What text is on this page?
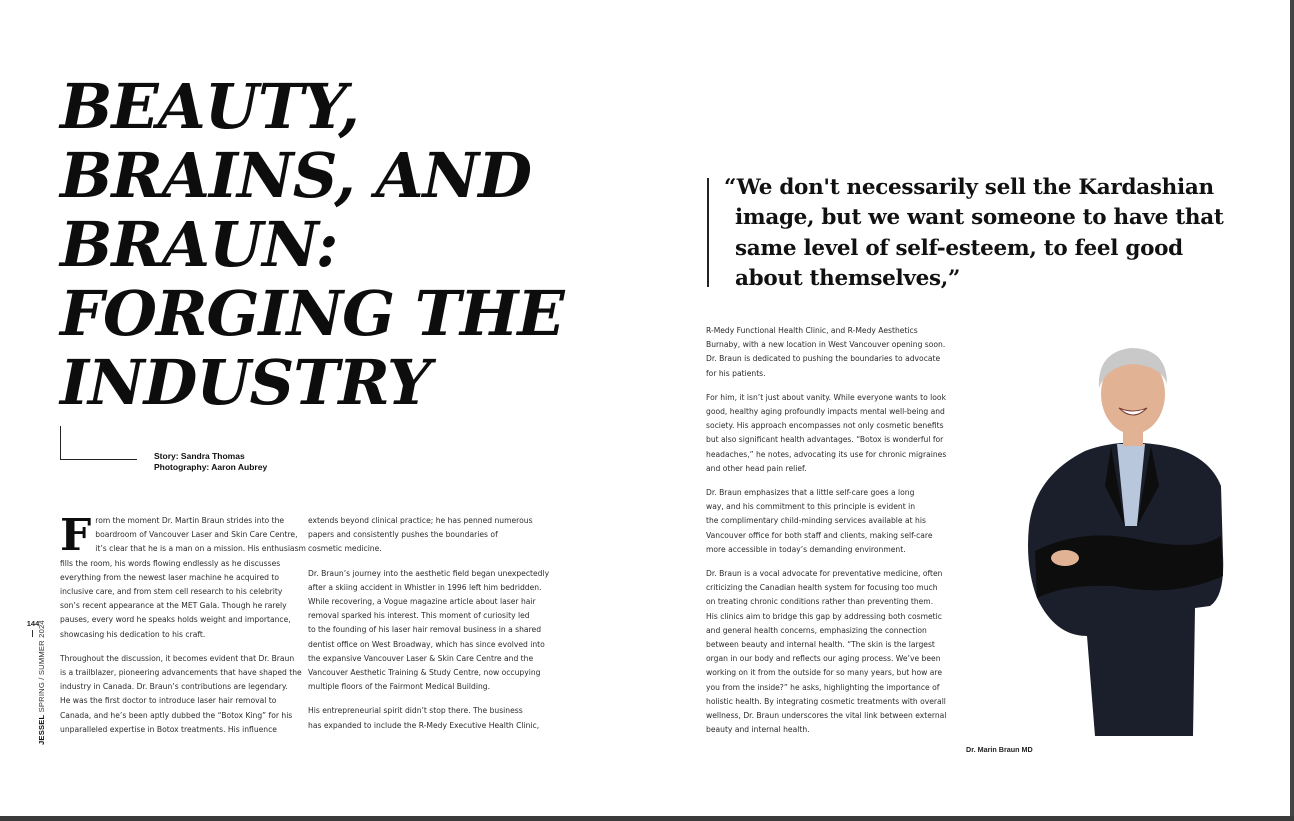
BEAUTY,
BRAINS, AND
BRAUN:
FORGING THE
INDUSTRY
Story: Sandra Thomas
Photography: Aaron Aubrey

F rom the moment Dr. Martin Braun strides into the
boardroom of Vancouver Laser and Skin Care Centre,
it’s clear that he is a man on a mission. His enthusiasm
fills the room, his words flowing endlessly as he discusses
everything from the newest laser machine he acquired to
inclusive care, and from stem cell research to his celebrity
son’s recent appearance at the MET Gala. Though he rarely
pauses, every word he speaks holds weight and importance,
showcasing his dedication to his craft.

Throughout the discussion, it becomes evident that Dr. Braun
is a trailblazer, pioneering advancements that have shaped the
industry in Canada. Dr. Braun’s contributions are legendary.
He was the first doctor to introduce laser hair removal to
Canada, and he’s been aptly dubbed the “Botox King” for his
unparalleled expertise in Botox treatments. His influence

extends beyond clinical practice; he has penned numerous
papers and consistently pushes the boundaries of
cosmetic medicine.

Dr. Braun’s journey into the aesthetic field began unexpectedly
after a skiing accident in Whistler in 1996 left him bedridden.
While recovering, a Vogue magazine article about laser hair
removal sparked his interest. This moment of curiosity led
to the founding of his laser hair removal business in a shared
dentist office on West Broadway, which has since evolved into
the expansive Vancouver Laser & Skin Care Centre and the
Vancouver Aesthetic Training & Study Centre, now occupying
multiple floors of the Fairmont Medical Building.

His entrepreneurial spirit didn’t stop there. The business
has expanded to include the R-Medy Executive Health Clinic,

144
JESSEL SPRING / SUMMER 2024
“We don't necessarily sell the Kardashian
image, but we want someone to have that
same level of self-esteem, to feel good
about themselves,”

R-Medy Functional Health Clinic, and R-Medy Aesthetics
Burnaby, with a new location in West Vancouver opening soon.
Dr. Braun is dedicated to pushing the boundaries to advocate
for his patients.

For him, it isn’t just about vanity. While everyone wants to look
good, healthy aging profoundly impacts mental well-being and
society. His approach encompasses not only cosmetic benefits
but also significant health advantages. “Botox is wonderful for
headaches,” he notes, advocating its use for chronic migraines
and other head pain relief.

Dr. Braun emphasizes that a little self-care goes a long
way, and his commitment to this principle is evident in
the complimentary child-minding services available at his
Vancouver office for both staff and clients, making self-care
more accessible in today’s demanding environment.

Dr. Braun is a vocal advocate for preventative medicine, often
criticizing the Canadian health system for focusing too much
on treating chronic conditions rather than preventing them.
His clinics aim to bridge this gap by addressing both cosmetic
and general health concerns, emphasizing the connection
between beauty and internal health. “The skin is the largest
organ in our body and reflects our aging process. We’ve been
working on it from the outside for so many years, but how are
you from the inside?” he asks, highlighting the importance of
holistic health. By integrating cosmetic treatments with overall
wellness, Dr. Braun underscores the vital link between external
beauty and internal health.

Dr. Marin Braun MD
